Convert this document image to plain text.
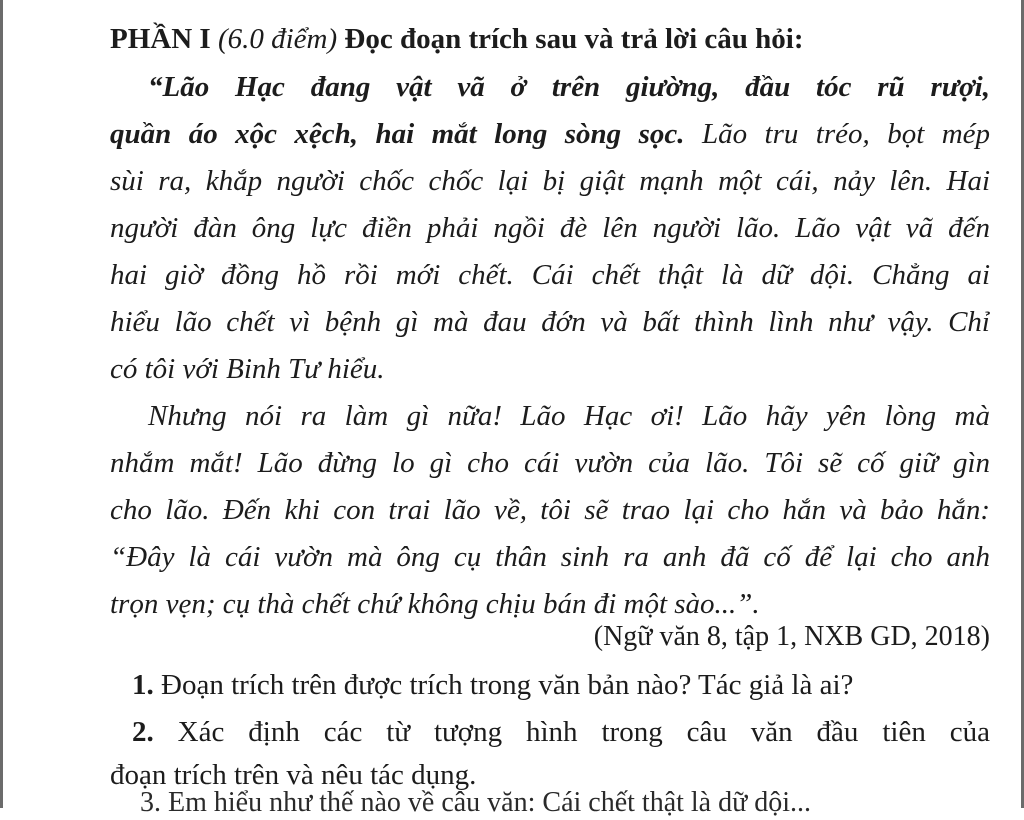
PHẦN I (6.0 điểm) Đọc đoạn trích sau và trả lời câu hỏi:
“Lão Hạc đang vật vã ở trên giường, đầu tóc rũ rượi,
quần áo xộc xệch, hai mắt long sòng sọc. Lão tru tréo, bọt mép
sùi ra, khắp người chốc chốc lại bị giật mạnh một cái, nảy lên. Hai
người đàn ông lực điền phải ngồi đè lên người lão. Lão vật vã đến
hai giờ đồng hồ rồi mới chết. Cái chết thật là dữ dội. Chẳng ai
hiểu lão chết vì bệnh gì mà đau đớn và bất thình lình như vậy. Chỉ
có tôi với Binh Tư hiểu.
Nhưng nói ra làm gì nữa! Lão Hạc ơi! Lão hãy yên lòng mà
nhắm mắt! Lão đừng lo gì cho cái vườn của lão. Tôi sẽ cố giữ gìn
cho lão. Đến khi con trai lão về, tôi sẽ trao lại cho hắn và bảo hắn:
“Đây là cái vườn mà ông cụ thân sinh ra anh đã cố để lại cho anh
trọn vẹn; cụ thà chết chứ không chịu bán đi một sào...”.
(Ngữ văn 8, tập 1, NXB GD, 2018)
1. Đoạn trích trên được trích trong văn bản nào? Tác giả là ai?
2. Xác định các từ tượng hình trong câu văn đầu tiên của
đoạn trích trên và nêu tác dụng.
3. Em hiểu như thế nào về câu văn: Cái chết thật là dữ dội...
